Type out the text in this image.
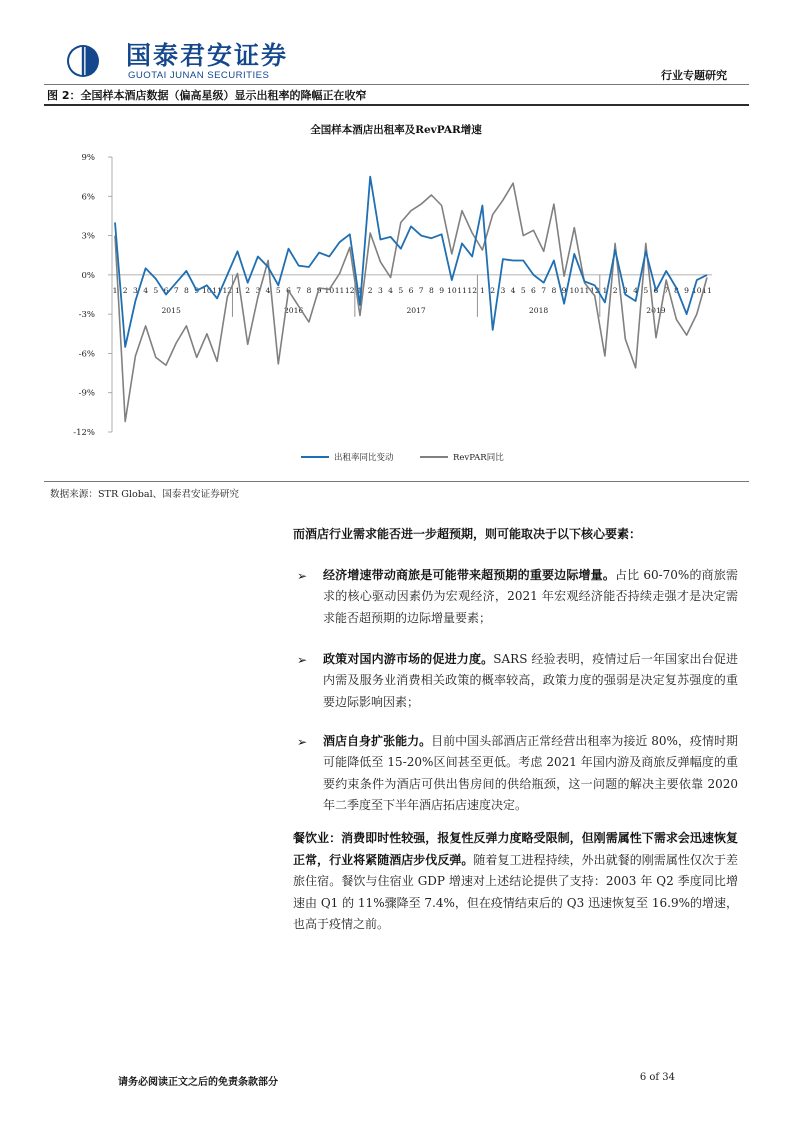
国泰君安证券
GUOTAI JUNAN SECURITIES	行业专题研究
图 2：全国样本酒店数据（偏高星级）显示出租率的降幅正在收窄
全国样本酒店出租率及RevPAR增速
9%
6%
3%
0%
-3%
-6%
-9%
-12%
1 2 3 4 5 6 7 8 9 10 11 12 1 2 3 4 5 6 7 8 9 10 11 12 1 2 3 4 5 6 7 8 9 10 11 12 1 2 3 4 5 6 7 8 9 10 11 12 1 2 3 4 5 6 7 8 9 10 11
2015	2016	2017	2018	2019
出租率同比变动	RevPAR同比
数据来源：STR Global、国泰君安证券研究
而酒店行业需求能否进一步超预期，则可能取决于以下核心要素：
➢ 经济增速带动商旅是可能带来超预期的重要边际增量。占比 60-70%的商旅需求的核心驱动因素仍为宏观经济，2021 年宏观经济能否持续走强才是决定需求能否超预期的边际增量要素；
➢ 政策对国内游市场的促进力度。SARS 经验表明，疫情过后一年国家出台促进内需及服务业消费相关政策的概率较高，政策力度的强弱是决定复苏强度的重要边际影响因素；
➢ 酒店自身扩张能力。目前中国头部酒店正常经营出租率为接近 80%，疫情时期可能降低至 15-20%区间甚至更低。考虑 2021 年国内游及商旅反弹幅度的重要约束条件为酒店可供出售房间的供给瓶颈，这一问题的解决主要依靠 2020 年二季度至下半年酒店拓店速度决定。
餐饮业：消费即时性较强，报复性反弹力度略受限制，但刚需属性下需求会迅速恢复正常，行业将紧随酒店步伐反弹。随着复工进程持续，外出就餐的刚需属性仅次于差旅住宿。餐饮与住宿业 GDP 增速对上述结论提供了支持：2003 年 Q2 季度同比增速由 Q1 的 11%骤降至 7.4%，但在疫情结束后的 Q3 迅速恢复至 16.9%的增速，也高于疫情之前。
请务必阅读正文之后的免责条款部分	6 of 34
